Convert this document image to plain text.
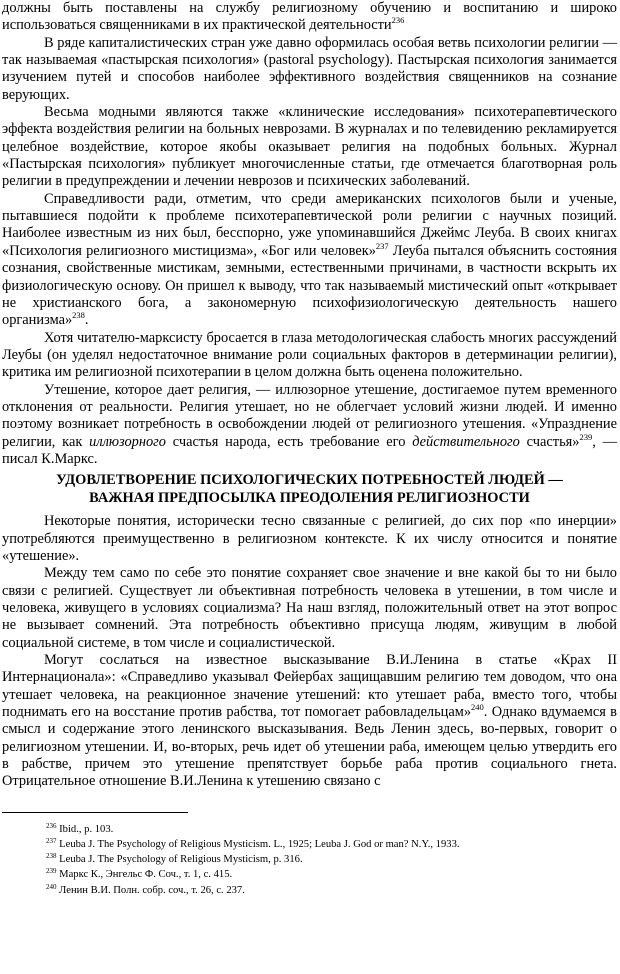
должны быть поставлены на службу религиозному обучению и воспитанию и широко использоваться священниками в их практической деятельности$^{236}$

В ряде капиталистических стран уже давно оформилась особая ветвь психологии религии — так называемая «пастырская психология» (pastoral psychology). Пастырская психология занимается изучением путей и способов наиболее эффективного воздействия священников на сознание верующих.

Весьма модными являются также «клинические исследования» психотерапевтического эффекта воздействия религии на больных неврозами. В журналах и по телевидению рекламируется целебное воздействие, которое якобы оказывает религия на подобных больных. Журнал «Пастырская психология» публикует многочисленные статьи, где отмечается благотворная роль религии в предупреждении и лечении неврозов и психических заболеваний.

Справедливости ради, отметим, что среди американских психологов были и ученые, пытавшиеся подойти к проблеме психотерапевтической роли религии с научных позиций. Наиболее известным из них был, бесспорно, уже упоминавшийся Джеймс Леуба. В своих книгах «Психология религиозного мистицизма», «Бог или человек»$^{237}$ Леуба пытался объяснить состояния сознания, свойственные мистикам, земными, естественными причинами, в частности вскрыть их физиологическую основу. Он пришел к выводу, что так называемый мистический опыт «открывает не христианского бога, а закономерную психофизиологическую деятельность нашего организма»$^{238}$.

Хотя читателю-марксисту бросается в глаза методологическая слабость многих рассуждений Леубы (он уделял недостаточное внимание роли социальных факторов в детерминации религии), критика им религиозной психотерапии в целом должна быть оценена положительно.

Утешение, которое дает религия, — иллюзорное утешение, достигаемое путем временного отклонения от реальности. Религия утешает, но не облегчает условий жизни людей. И именно поэтому возникает потребность в освобождении людей от религиозного утешения. «Упразднение религии, как иллюзорного счастья народа, есть требование его действительного счастья»$^{239}$, — писал К.Маркс.

УДОВЛЕТВОРЕНИЕ ПСИХОЛОГИЧЕСКИХ ПОТРЕБНОСТЕЙ ЛЮДЕЙ —
ВАЖНАЯ ПРЕДПОСЫЛКА ПРЕОДОЛЕНИЯ РЕЛИГИОЗНОСТИ

Некоторые понятия, исторически тесно связанные с религией, до сих пор «по инерции» употребляются преимущественно в религиозном контексте. К их числу относится и понятие «утешение».

Между тем само по себе это понятие сохраняет свое значение и вне какой бы то ни было связи с религией. Существует ли объективная потребность человека в утешении, в том числе и человека, живущего в условиях социализма? На наш взгляд, положительный ответ на этот вопрос не вызывает сомнений. Эта потребность объективно присуща людям, живущим в любой социальной системе, в том числе и социалистической.

Могут сослаться на известное высказывание В.И.Ленина в статье «Крах II Интернационала»: «Справедливо указывал Фейербах защищавшим религию тем доводом, что она утешает человека, на реакционное значение утешений: кто утешает раба, вместо того, чтобы поднимать его на восстание против рабства, тот помогает рабовладельцам»$^{240}$. Однако вдумаемся в смысл и содержание этого ленинского высказывания. Ведь Ленин здесь, во-первых, говорит о религиозном утешении. И, во-вторых, речь идет об утешении раба, имеющем целью утвердить его в рабстве, причем это утешение препятствует борьбе раба против социального гнета. Отрицательное отношение В.И.Ленина к утешению связано с

$^{236}$ Ibid., p. 103.
$^{237}$ Leuba J. The Psychology of Religious Mysticism. L., 1925; Leuba J. God or man? N.Y., 1933.
$^{238}$ Leuba J. The Psychology of Religious Mysticism, p. 316.
$^{239}$ Маркс К., Энгельс Ф. Соч., т. 1, с. 415.
$^{240}$ Ленин В.И. Полн. собр. соч., т. 26, с. 237.
